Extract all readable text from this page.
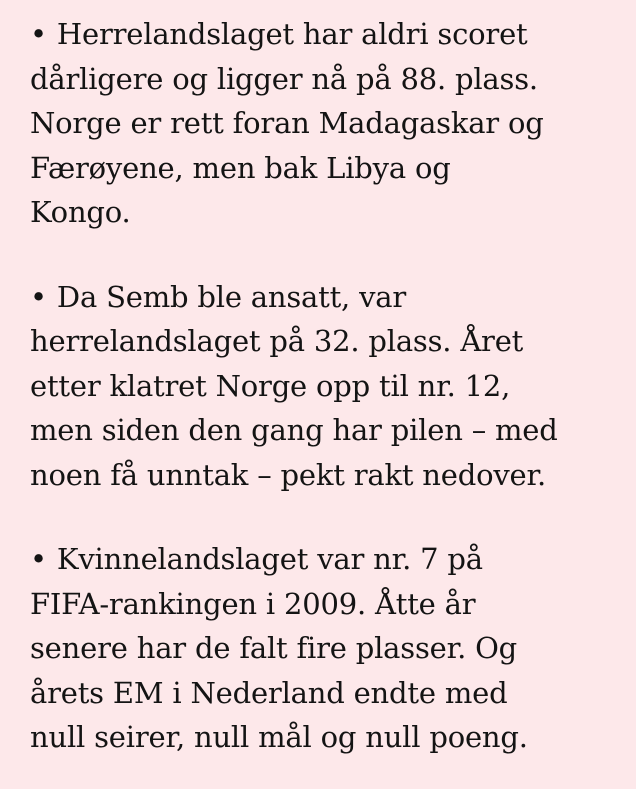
• Herrelandslaget har aldri scoret
dårligere og ligger nå på 88. plass.
Norge er rett foran Madagaskar og
Færøyene, men bak Libya og
Kongo.

• Da Semb ble ansatt, var
herrelandslaget på 32. plass. Året
etter klatret Norge opp til nr. 12,
men siden den gang har pilen – med
noen få unntak – pekt rakt nedover.

• Kvinnelandslaget var nr. 7 på
FIFA-rankingen i 2009. Åtte år
senere har de falt fire plasser. Og
årets EM i Nederland endte med
null seirer, null mål og null poeng.
